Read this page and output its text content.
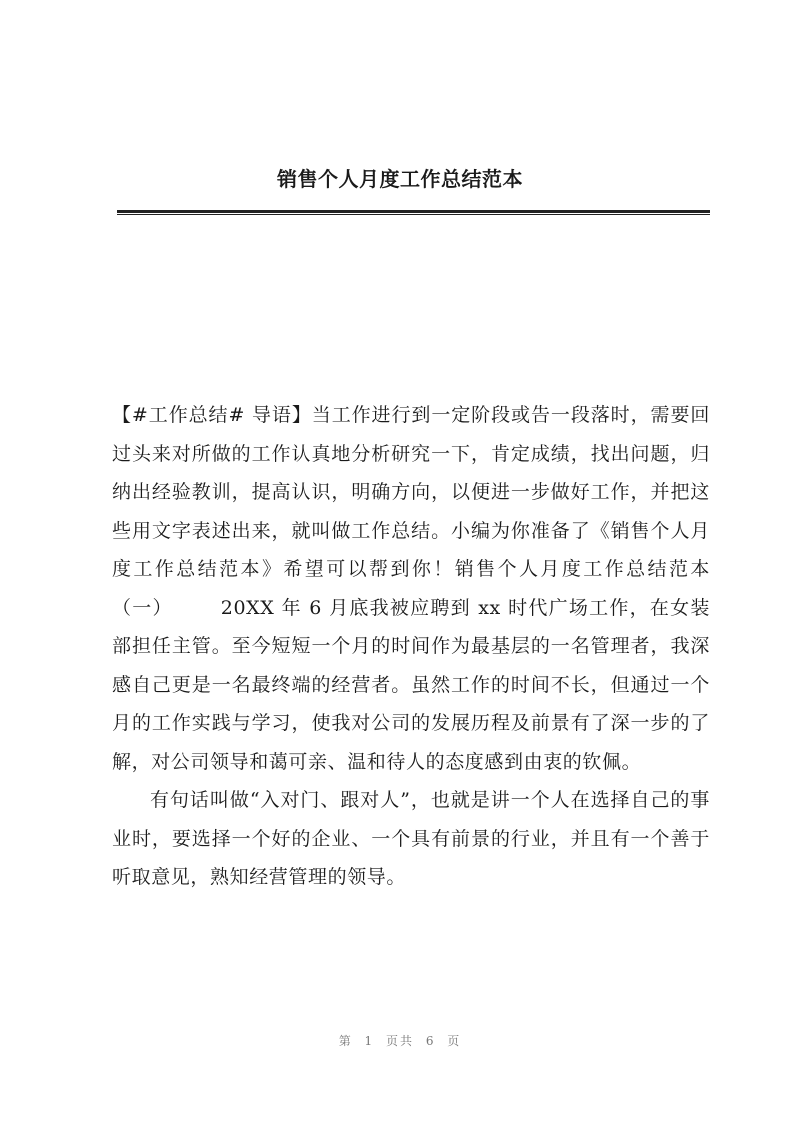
销售个人月度工作总结范本

【#工作总结# 导语】当工作进行到一定阶段或告一段落时，需要回过头来对所做的工作认真地分析研究一下，肯定成绩，找出问题，归纳出经验教训，提高认识，明确方向，以便进一步做好工作，并把这些用文字表述出来，就叫做工作总结。小编为你准备了《销售个人月度工作总结范本》希望可以帮到你！销售个人月度工作总结范本（一）	20XX 年 6 月底我被应聘到 xx 时代广场工作，在女装部担任主管。至今短短一个月的时间作为最基层的一名管理者，我深感自己更是一名最终端的经营者。虽然工作的时间不长，但通过一个月的工作实践与学习，使我对公司的发展历程及前景有了深一步的了解，对公司领导和蔼可亲、温和待人的态度感到由衷的钦佩。

有句话叫做“入对门、跟对人”，也就是讲一个人在选择自己的事业时，要选择一个好的企业、一个具有前景的行业，并且有一个善于听取意见，熟知经营管理的领导。

第 1 页共 6 页
